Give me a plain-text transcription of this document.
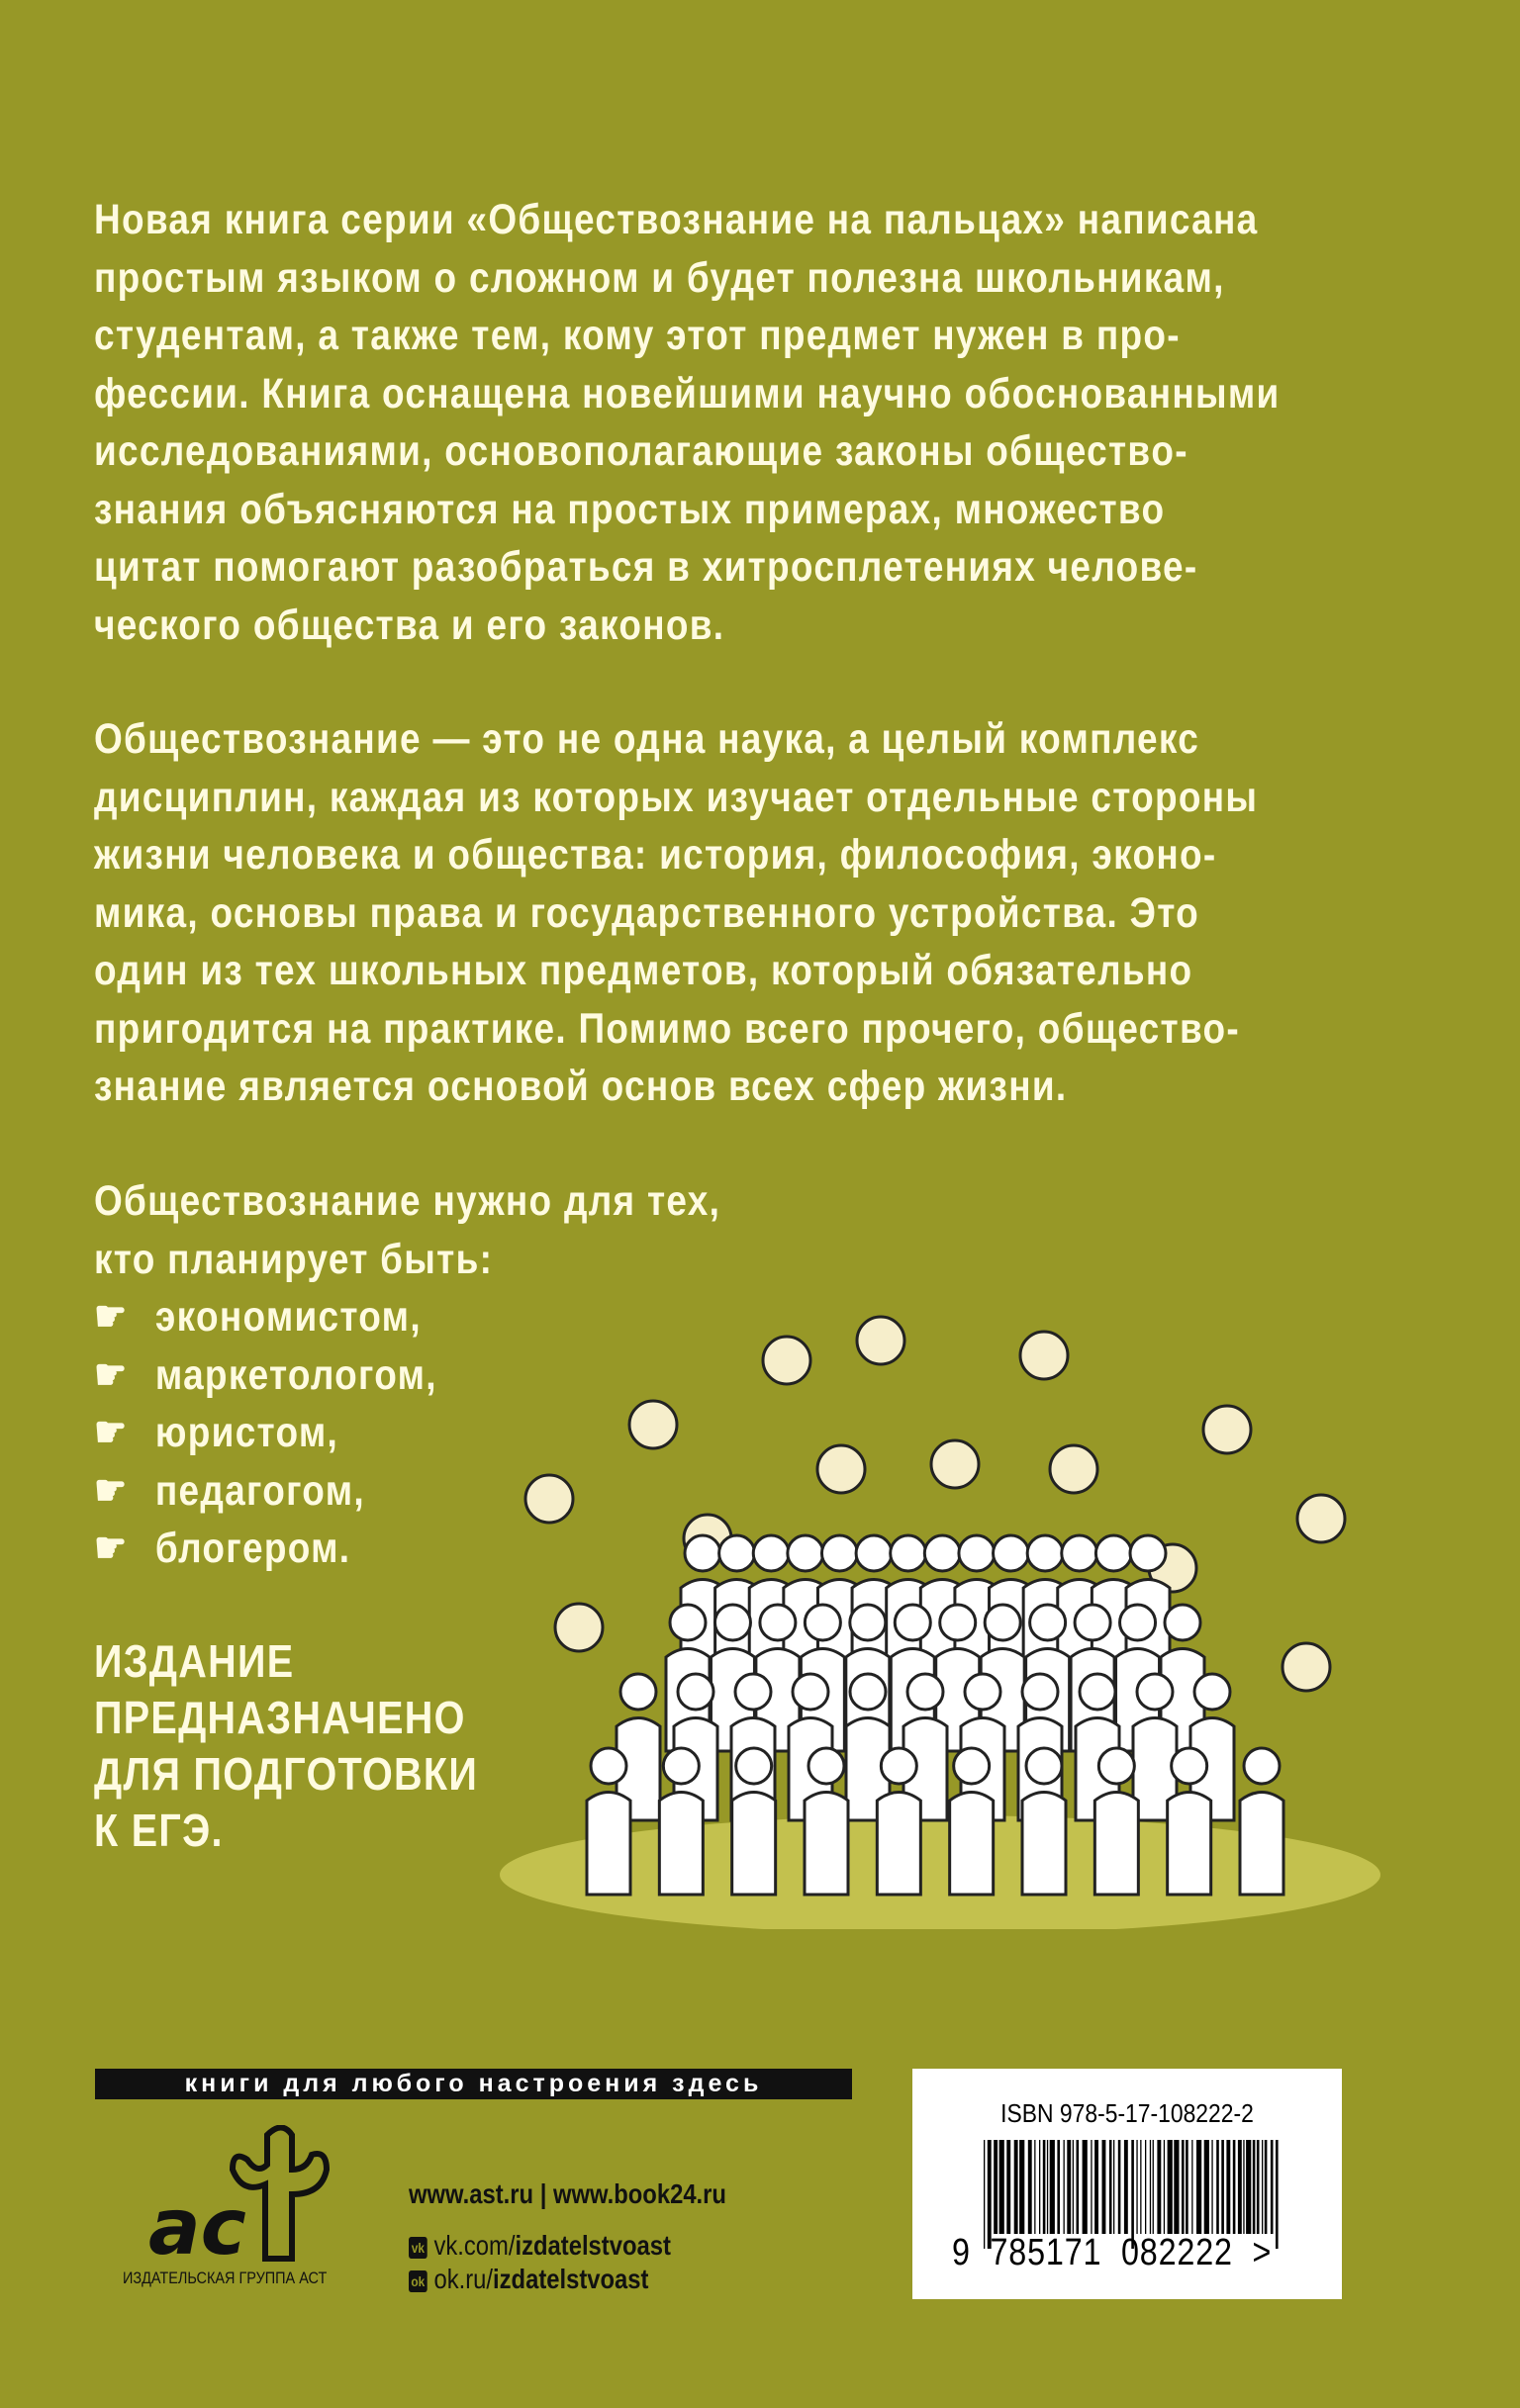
Новая книга серии «Обществознание на пальцах» написана
простым языком о сложном и будет полезна школьникам,
студентам, а также тем, кому этот предмет нужен в про-
фессии. Книга оснащена новейшими научно обоснованными
исследованиями, основополагающие законы обществo-
знания объясняются на простых примерах, множество
цитат помогают разобраться в хитросплетениях челове-
ческого общества и его законов.
Обществознание — это не одна наука, а целый комплекс
дисциплин, каждая из которых изучает отдельные стороны
жизни человека и общества: история, философия, эконо-
мика, основы права и государственного устройства. Это
один из тех школьных предметов, который обязательно
пригодится на практике. Помимо всего прочего, общество-
знание является основой основ всех сфер жизни.
Обществознание нужно для тех,
кто планирует быть:
☛ экономистом,
☛ маркетологом,
☛ юристом,
☛ педагогом,
☛ блогером.
ИЗДАНИЕ
ПРЕДНАЗНАЧЕНО
ДЛЯ ПОДГОТОВКИ
К ЕГЭ.
книги для любого настроения здесь
ac
ИЗДАТЕЛЬСКАЯ ГРУППА АСТ
www.ast.ru | www.book24.ru
vk vk.com/izdatelstvoast
ok ok.ru/izdatelstvoast
ISBN 978-5-17-108222-2
9  785171  082222  >
